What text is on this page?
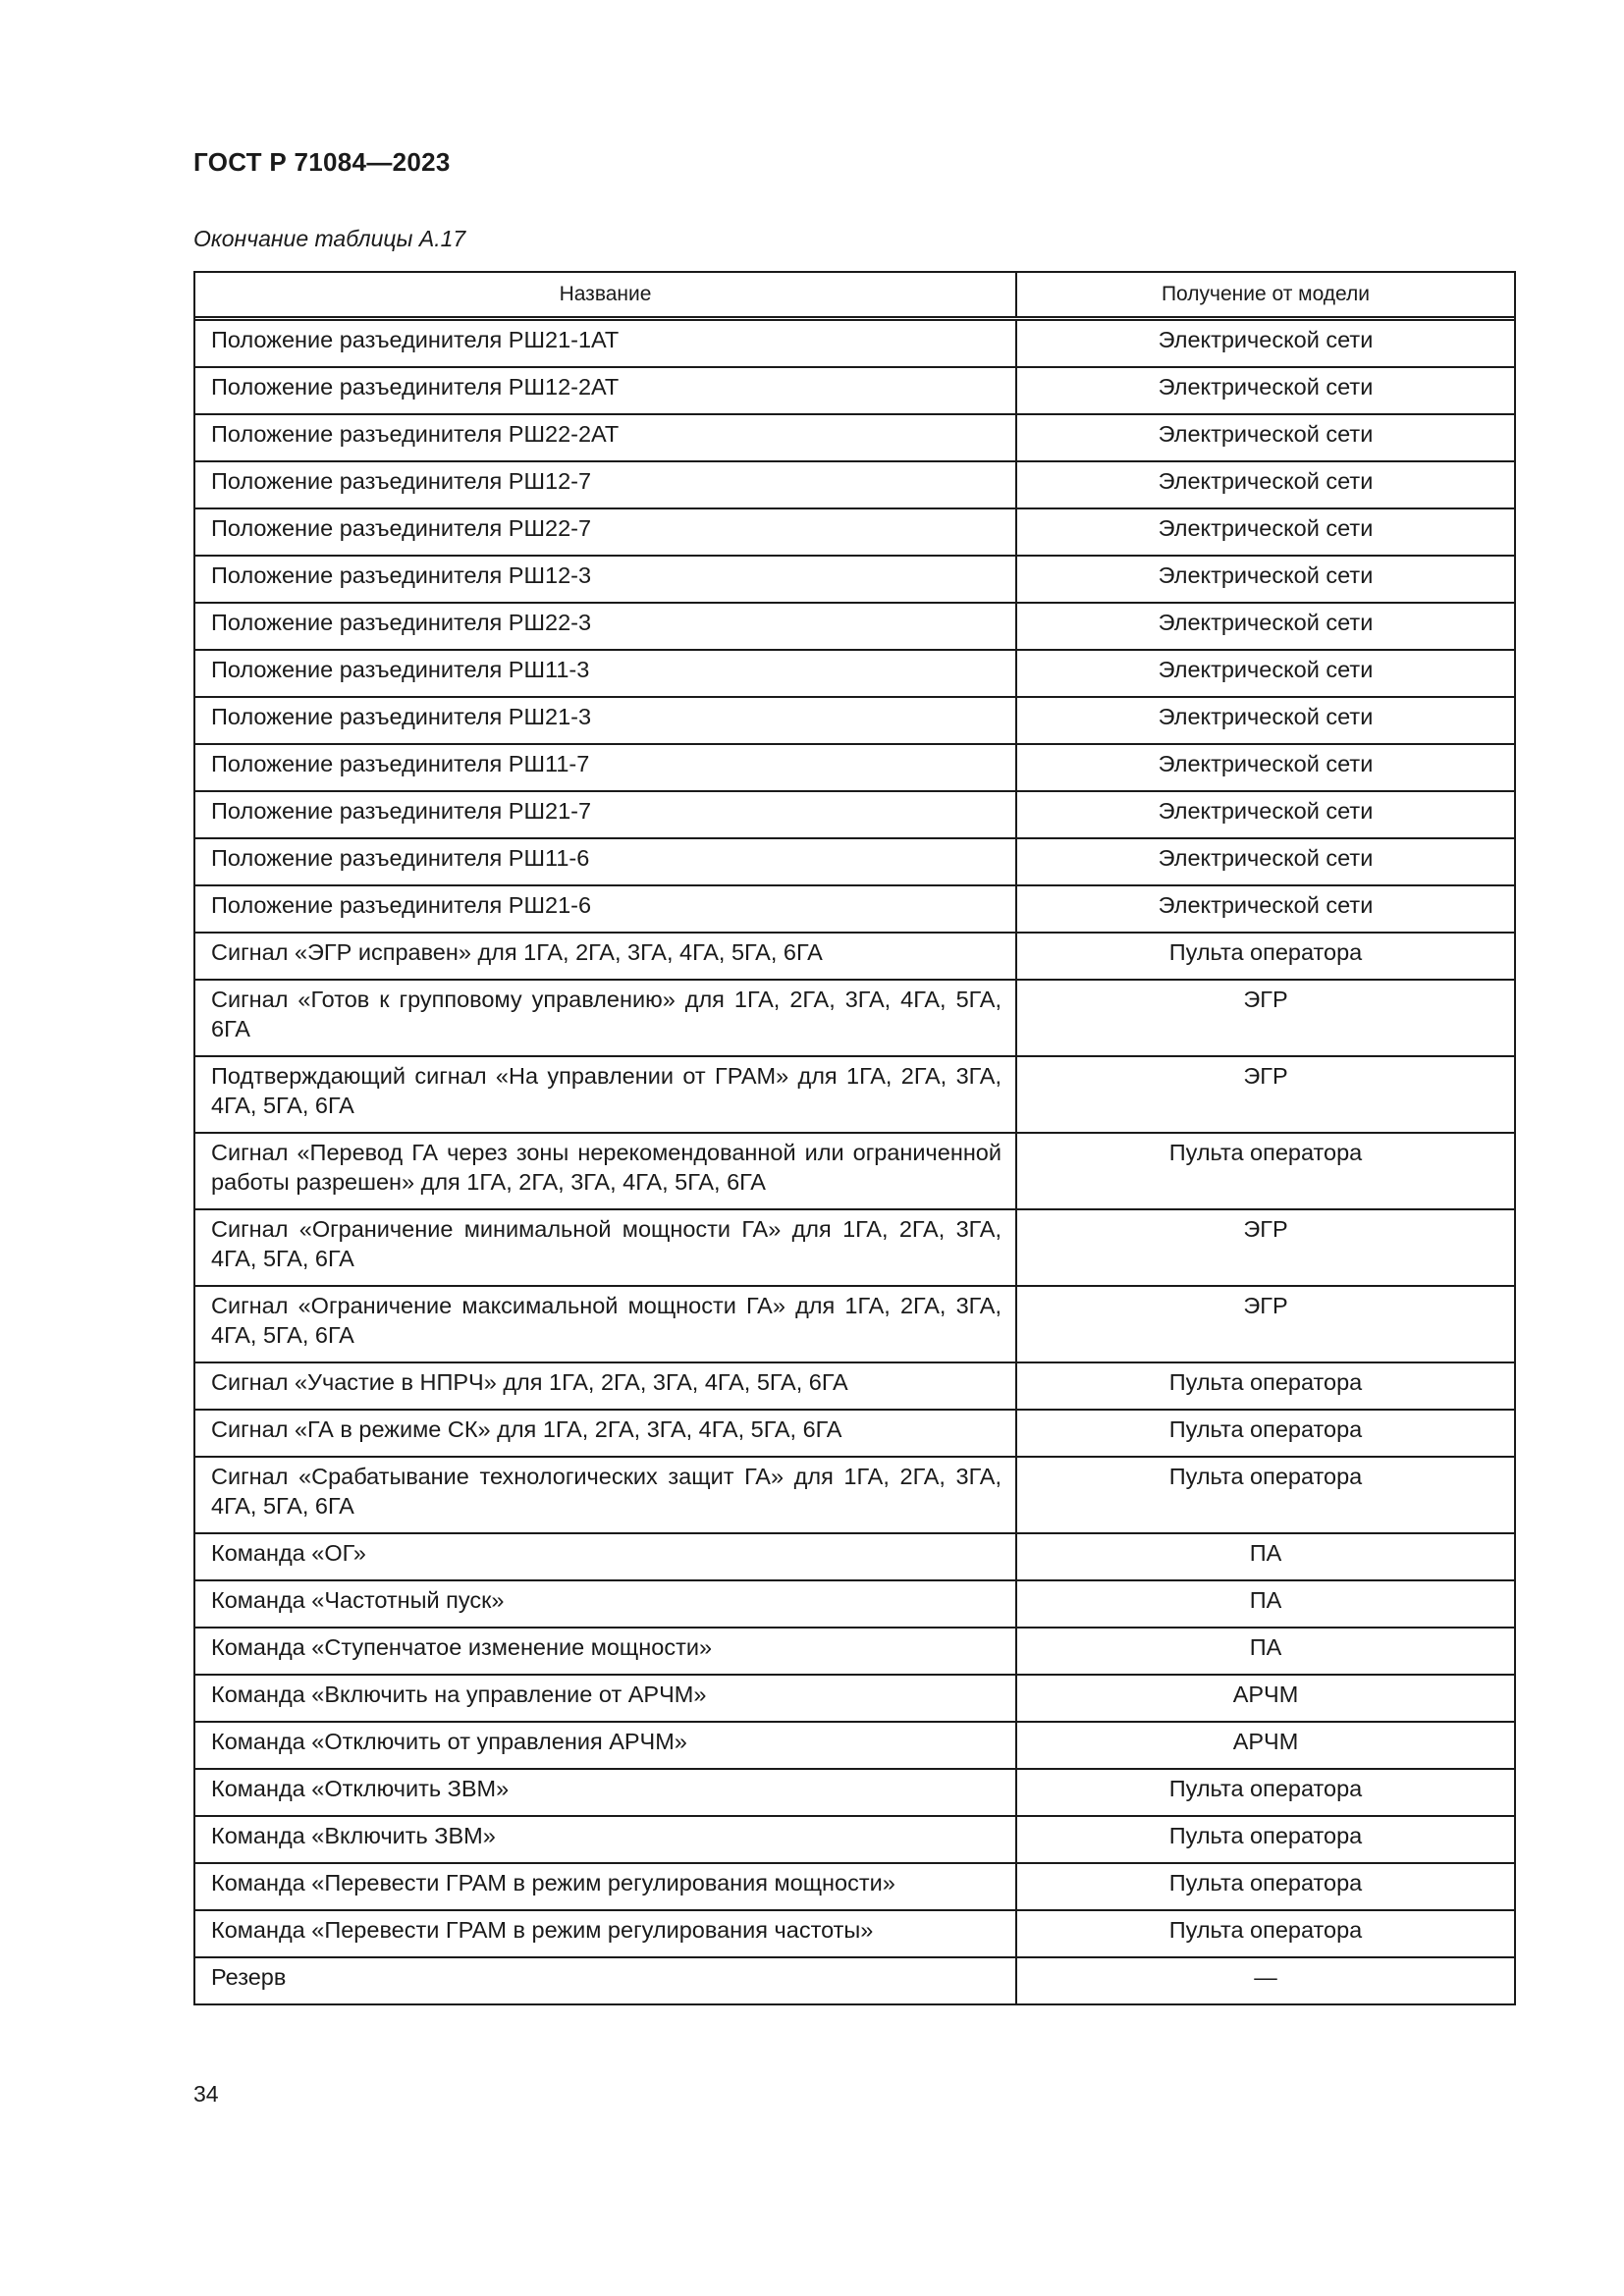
ГОСТ Р 71084—2023
Окончание таблицы А.17
Название	Получение от модели
Положение разъединителя РШ21-1АТ	Электрической сети
Положение разъединителя РШ12-2АТ	Электрической сети
Положение разъединителя РШ22-2АТ	Электрической сети
Положение разъединителя РШ12-7	Электрической сети
Положение разъединителя РШ22-7	Электрической сети
Положение разъединителя РШ12-3	Электрической сети
Положение разъединителя РШ22-3	Электрической сети
Положение разъединителя РШ11-3	Электрической сети
Положение разъединителя РШ21-3	Электрической сети
Положение разъединителя РШ11-7	Электрической сети
Положение разъединителя РШ21-7	Электрической сети
Положение разъединителя РШ11-6	Электрической сети
Положение разъединителя РШ21-6	Электрической сети
Сигнал «ЭГР исправен» для 1ГА, 2ГА, 3ГА, 4ГА, 5ГА, 6ГА	Пульта оператора
Сигнал «Готов к групповому управлению» для 1ГА, 2ГА, 3ГА, 4ГА, 5ГА, 6ГА	ЭГР
Подтверждающий сигнал «На управлении от ГРАМ» для 1ГА, 2ГА, 3ГА, 4ГА, 5ГА, 6ГА	ЭГР
Сигнал «Перевод ГА через зоны нерекомендованной или ограниченной работы разрешен» для 1ГА, 2ГА, 3ГА, 4ГА, 5ГА, 6ГА	Пульта оператора
Сигнал «Ограничение минимальной мощности ГА» для 1ГА, 2ГА, 3ГА, 4ГА, 5ГА, 6ГА	ЭГР
Сигнал «Ограничение максимальной мощности ГА» для 1ГА, 2ГА, 3ГА, 4ГА, 5ГА, 6ГА	ЭГР
Сигнал «Участие в НПРЧ» для 1ГА, 2ГА, 3ГА, 4ГА, 5ГА, 6ГА	Пульта оператора
Сигнал «ГА в режиме СК» для 1ГА, 2ГА, 3ГА, 4ГА, 5ГА, 6ГА	Пульта оператора
Сигнал «Срабатывание технологических защит ГА» для 1ГА, 2ГА, 3ГА, 4ГА, 5ГА, 6ГА	Пульта оператора
Команда «ОГ»	ПА
Команда «Частотный пуск»	ПА
Команда «Ступенчатое изменение мощности»	ПА
Команда «Включить на управление от АРЧМ»	АРЧМ
Команда «Отключить от управления АРЧМ»	АРЧМ
Команда «Отключить ЗВМ»	Пульта оператора
Команда «Включить ЗВМ»	Пульта оператора
Команда «Перевести ГРАМ в режим регулирования мощности»	Пульта оператора
Команда «Перевести ГРАМ в режим регулирования частоты»	Пульта оператора
Резерв	—
34
